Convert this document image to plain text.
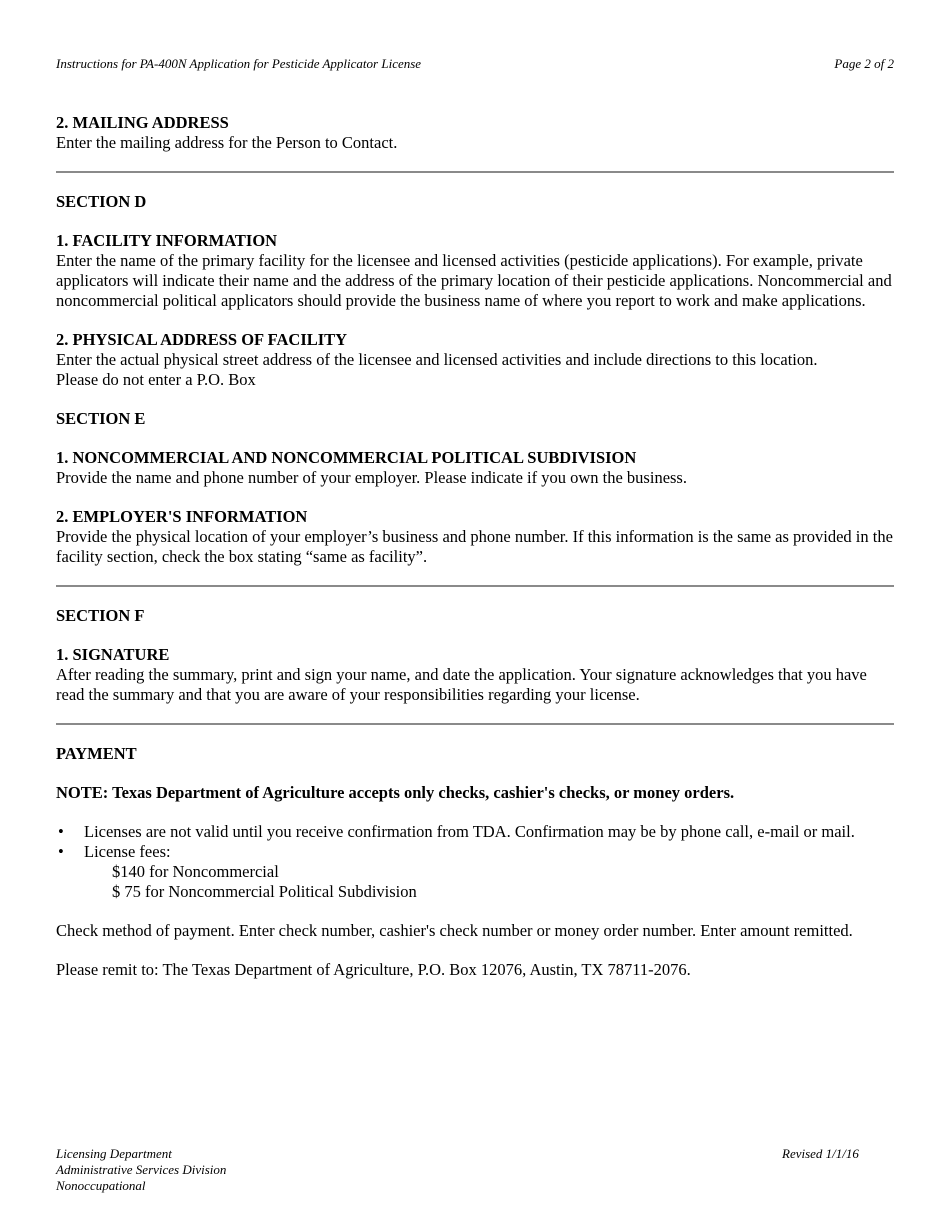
Instructions for PA-400N Application for Pesticide Applicator License	Page 2 of 2
2. MAILING ADDRESS
Enter the mailing address for the Person to Contact.
SECTION D
1. FACILITY INFORMATION
Enter the name of the primary facility for the licensee and licensed activities (pesticide applications). For example, private applicators will indicate their name and the address of the primary location of their pesticide applications. Noncommercial and noncommercial political applicators should provide the business name of where you report to work and make applications.
2. PHYSICAL ADDRESS OF FACILITY
Enter the actual physical street address of the licensee and licensed activities and include directions to this location.
Please do not enter a P.O. Box
SECTION E
1. NONCOMMERCIAL AND NONCOMMERCIAL POLITICAL SUBDIVISION
Provide the name and phone number of your employer. Please indicate if you own the business.
2. EMPLOYER'S INFORMATION
Provide the physical location of your employer’s business and phone number. If this information is the same as provided in the facility section, check the box stating “same as facility”.
SECTION F
1. SIGNATURE
After reading the summary, print and sign your name, and date the application. Your signature acknowledges that you have read the summary and that you are aware of your responsibilities regarding your license.
PAYMENT
NOTE: Texas Department of Agriculture accepts only checks, cashier's checks, or money orders.
• Licenses are not valid until you receive confirmation from TDA. Confirmation may be by phone call, e-mail or mail.
• License fees:
$140 for Noncommercial
$ 75 for Noncommercial Political Subdivision
Check method of payment. Enter check number, cashier's check number or money order number. Enter amount remitted.
Please remit to: The Texas Department of Agriculture, P.O. Box 12076, Austin, TX 78711-2076.
Licensing Department
Administrative Services Division
Nonoccupational
Revised 1/1/16
